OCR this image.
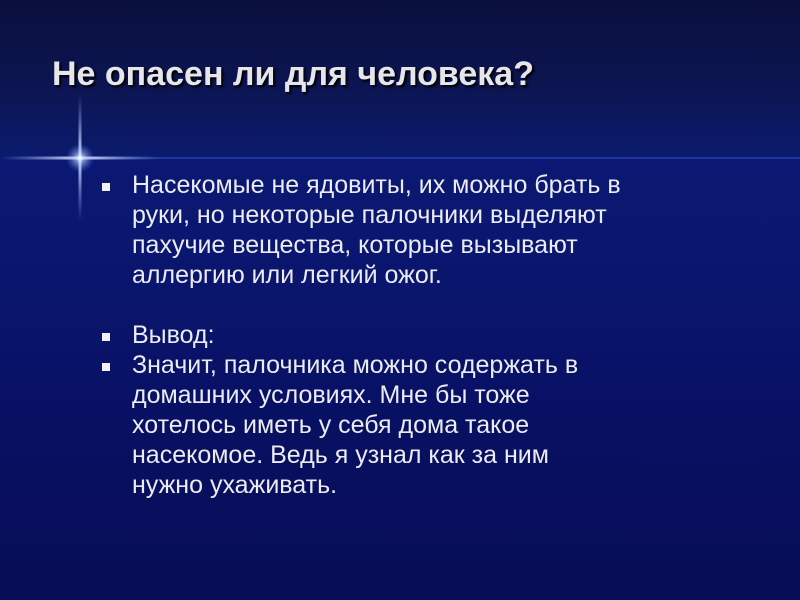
Не опасен ли для человека?
Насекомые не ядовиты, их можно брать в
руки, но некоторые палочники выделяют
пахучие вещества, которые вызывают
аллергию или легкий ожог.
Вывод:
Значит, палочника можно содержать в
домашних условиях. Мне бы тоже
хотелось иметь у себя дома такое
насекомое. Ведь я узнал как за ним
нужно ухаживать.
